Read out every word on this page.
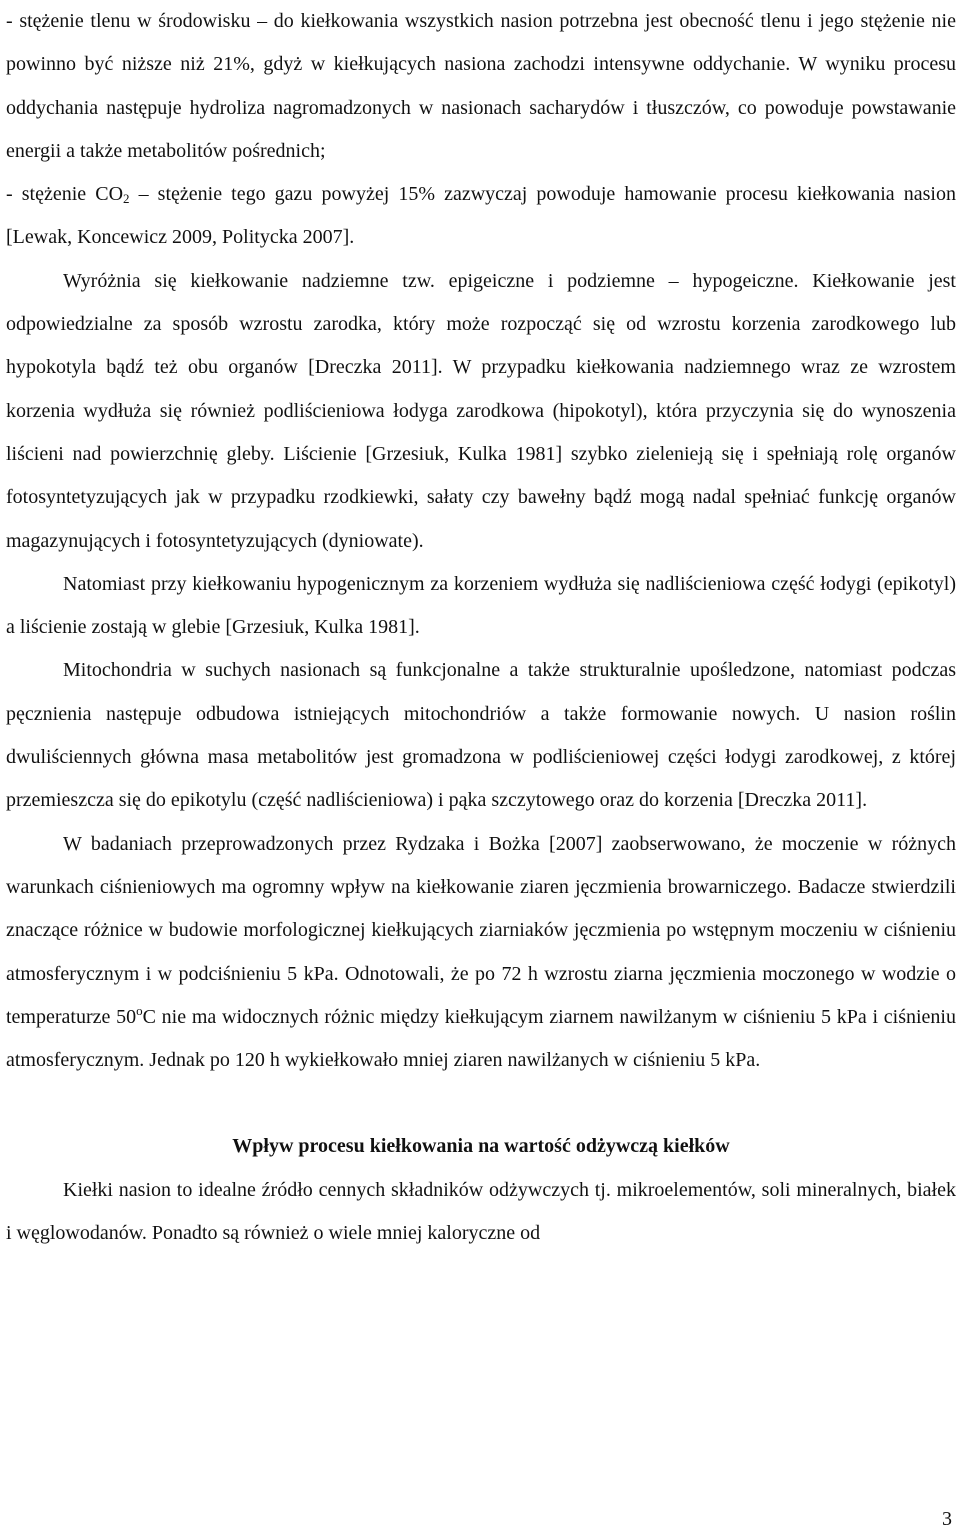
- stężenie tlenu w środowisku – do kiełkowania wszystkich nasion potrzebna jest obecność tlenu i jego stężenie nie powinno być niższe niż 21%, gdyż w kiełkujących nasiona zachodzi intensywne oddychanie. W wyniku procesu oddychania następuje hydroliza nagromadzonych w nasionach sacharydów i tłuszczów, co powoduje powstawanie energii a także metabolitów pośrednich;

- stężenie $CO_2$ – stężenie tego gazu powyżej 15% zazwyczaj powoduje hamowanie procesu kiełkowania nasion [Lewak, Koncewicz 2009, Politycka 2007].

Wyróżnia się kiełkowanie nadziemne tzw. epigeiczne i podziemne – hypogeiczne. Kiełkowanie jest odpowiedzialne za sposób wzrostu zarodka, który może rozpocząć się od wzrostu korzenia zarodkowego lub hypokotyla bądź też obu organów [Dreczka 2011]. W przypadku kiełkowania nadziemnego wraz ze wzrostem korzenia wydłuża się również podliścieniowa łodyga zarodkowa (hipokotyl), która przyczynia się do wynoszenia liścieni nad powierzchnię gleby. Liścienie [Grzesiuk, Kulka 1981] szybko zielenieją się i spełniają rolę organów fotosyntetyzujących jak w przypadku rzodkiewki, sałaty czy bawełny bądź mogą nadal spełniać funkcję organów magazynujących i fotosyntetyzujących (dyniowate).

Natomiast przy kiełkowaniu hypogenicznym za korzeniem wydłuża się nadliścieniowa część łodygi (epikotyl) a liścienie zostają w glebie [Grzesiuk, Kulka 1981].

Mitochondria w suchych nasionach są funkcjonalne a także strukturalnie upośledzone, natomiast podczas pęcznienia następuje odbudowa istniejących mitochondriów a także formowanie nowych. U nasion roślin dwuliściennych główna masa metabolitów jest gromadzona w podliścieniowej części łodygi zarodkowej, z której przemieszcza się do epikotylu (część nadliścieniowa) i pąka szczytowego oraz do korzenia [Dreczka 2011].

W badaniach przeprowadzonych przez Rydzaka i Bożka [2007] zaobserwowano, że moczenie w różnych warunkach ciśnieniowych ma ogromny wpływ na kiełkowanie ziaren jęczmienia browarniczego. Badacze stwierdzili znaczące różnice w budowie morfologicznej kiełkujących ziarniaków jęczmienia po wstępnym moczeniu w ciśnieniu atmosferycznym i w podciśnieniu 5 kPa. Odnotowali, że po 72 h wzrostu ziarna jęczmienia moczonego w wodzie o temperaturze 50$^o$C nie ma widocznych różnic między kiełkującym ziarnem nawilżanym w ciśnieniu 5 kPa i ciśnieniu atmosferycznym. Jednak po 120 h wykiełkowało mniej ziaren nawilżanych w ciśnieniu 5 kPa.

Wpływ procesu kiełkowania na wartość odżywczą kiełków

Kiełki nasion to idealne źródło cennych składników odżywczych tj. mikroelementów, soli mineralnych, białek i węglowodanów. Ponadto są również o wiele mniej kaloryczne od

3
